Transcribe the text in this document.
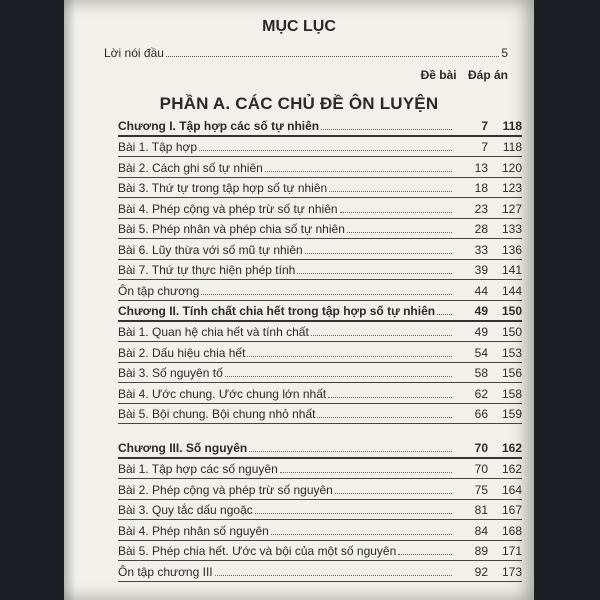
MỤC LỤC
Lời nói đầu	5
Đề bài Đáp án
PHẦN A. CÁC CHỦ ĐỀ ÔN LUYỆN
Chương I. Tập hợp các số tự nhiên	7	118
Bài 1. Tập hợp	7	118
Bài 2. Cách ghi số tự nhiên	13	120
Bài 3. Thứ tự trong tập hợp số tự nhiên	18	123
Bài 4. Phép cộng và phép trừ số tự nhiên	23	127
Bài 5. Phép nhân và phép chia số tự nhiên	28	133
Bài 6. Lũy thừa với số mũ tự nhiên	33	136
Bài 7. Thứ tự thực hiện phép tính	39	141
Ôn tập chương	44	144
Chương II. Tính chất chia hết trong tập hợp số tự nhiên	49	150
Bài 1. Quan hệ chia hết và tính chất	49	150
Bài 2. Dấu hiệu chia hết	54	153
Bài 3. Số nguyên tố	58	156
Bài 4. Ước chung. Ước chung lớn nhất	62	158
Bài 5. Bội chung. Bội chung nhỏ nhất	66	159
Chương III. Số nguyên	70	162
Bài 1. Tập hợp các số nguyên	70	162
Bài 2. Phép cộng và phép trừ số nguyên	75	164
Bài 3. Quy tắc dấu ngoặc	81	167
Bài 4. Phép nhân số nguyên	84	168
Bài 5. Phép chia hết. Ước và bội của một số nguyên	89	171
Ôn tập chương III	92	173
